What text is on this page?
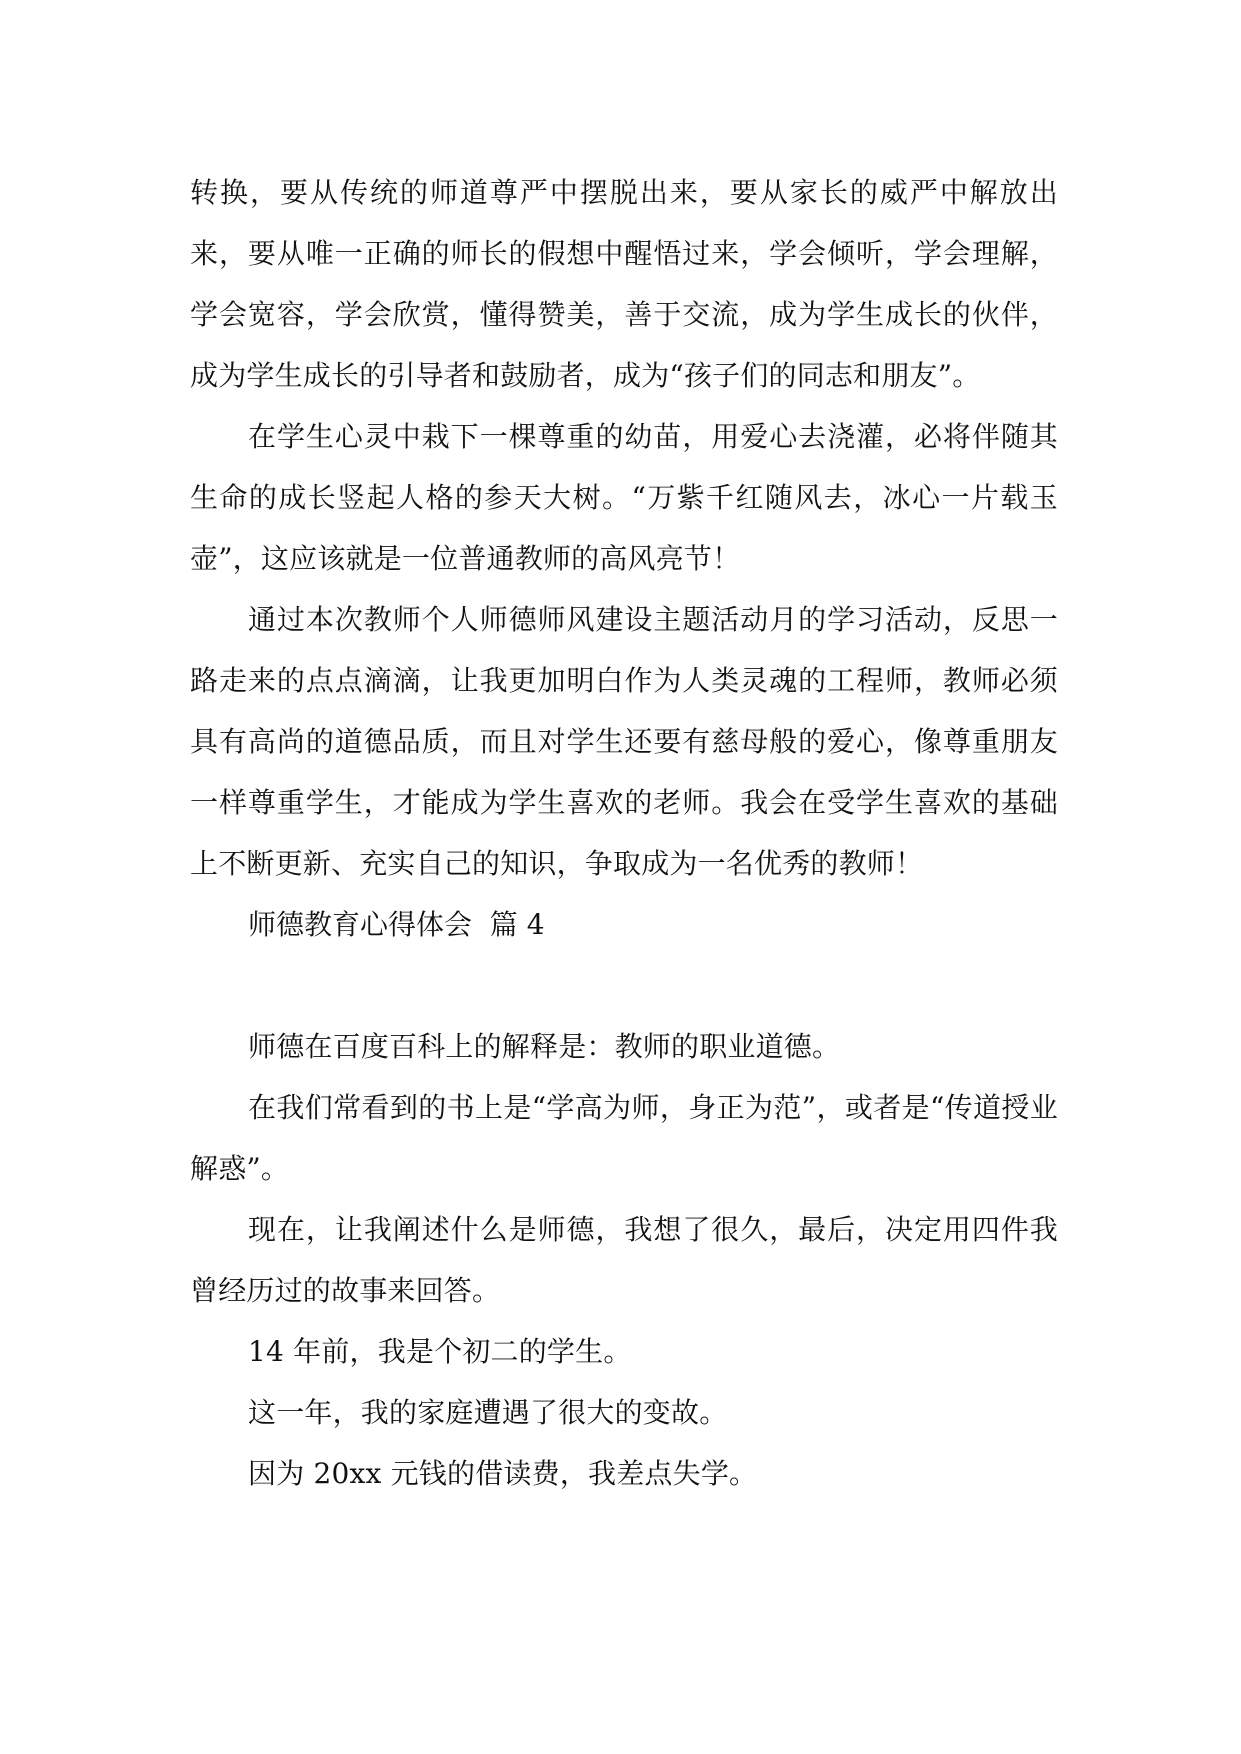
转换，要从传统的师道尊严中摆脱出来，要从家长的威严中解放出来，要从唯一正确的师长的假想中醒悟过来，学会倾听，学会理解，学会宽容，学会欣赏，懂得赞美，善于交流，成为学生成长的伙伴，成为学生成长的引导者和鼓励者，成为“孩子们的同志和朋友”。

在学生心灵中栽下一棵尊重的幼苗，用爱心去浇灌，必将伴随其生命的成长竖起人格的参天大树。“万紫千红随风去，冰心一片载玉壶”，这应该就是一位普通教师的高风亮节！

通过本次教师个人师德师风建设主题活动月的学习活动，反思一路走来的点点滴滴，让我更加明白作为人类灵魂的工程师，教师必须具有高尚的道德品质，而且对学生还要有慈母般的爱心，像尊重朋友一样尊重学生，才能成为学生喜欢的老师。我会在受学生喜欢的基础上不断更新、充实自己的知识，争取成为一名优秀的教师！

师德教育心得体会  篇 4

师德在百度百科上的解释是：教师的职业道德。

在我们常看到的书上是“学高为师，身正为范”，或者是“传道授业解惑”。

现在，让我阐述什么是师德，我想了很久，最后，决定用四件我曾经历过的故事来回答。

14 年前，我是个初二的学生。

这一年，我的家庭遭遇了很大的变故。

因为 20xx 元钱的借读费，我差点失学。
